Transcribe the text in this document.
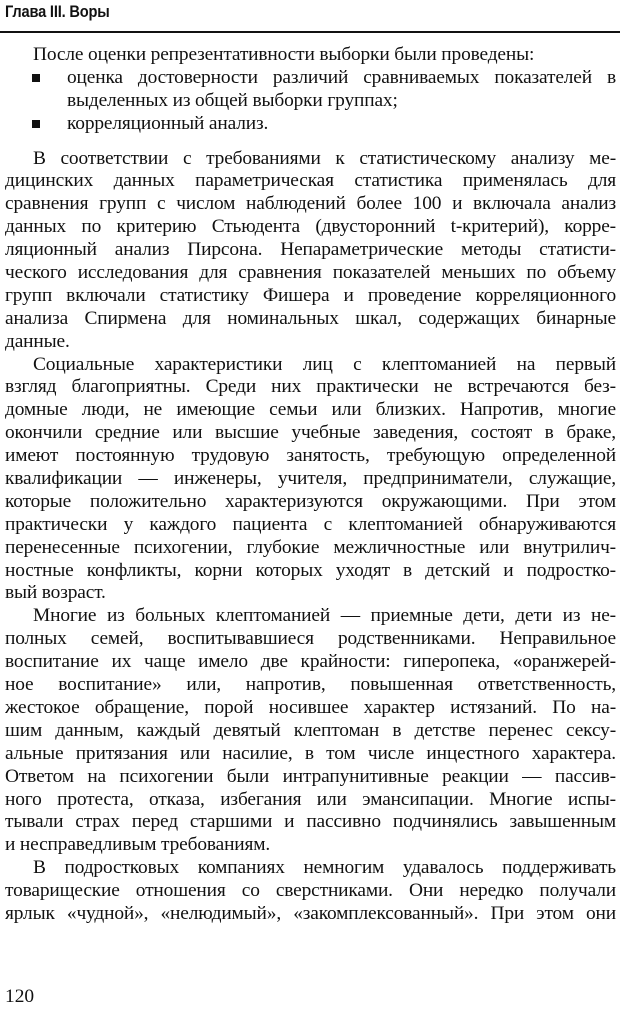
Глава III. Воры
После оценки репрезентативности выборки были проведены:
оценка достоверности различий сравниваемых показателей в
выделенных из общей выборки группах;
корреляционный анализ.
В соответствии с требованиями к статистическому анализу ме-
дицинских данных параметрическая статистика применялась для
сравнения групп с числом наблюдений более 100 и включала анализ
данных по критерию Стьюдента (двусторонний t-критерий), корре-
ляционный анализ Пирсона. Непараметрические методы статисти-
ческого исследования для сравнения показателей меньших по объему
групп включали статистику Фишера и проведение корреляционного
анализа Спирмена для номинальных шкал, содержащих бинарные
данные.
Социальные характеристики лиц с клептоманией на первый
взгляд благоприятны. Среди них практически не встречаются без-
домные люди, не имеющие семьи или близких. Напротив, многие
окончили средние или высшие учебные заведения, состоят в браке,
имеют постоянную трудовую занятость, требующую определенной
квалификации — инженеры, учителя, предприниматели, служащие,
которые положительно характеризуются окружающими. При этом
практически у каждого пациента с клептоманией обнаруживаются
перенесенные психогении, глубокие межличностные или внутрилич-
ностные конфликты, корни которых уходят в детский и подростко-
вый возраст.
Многие из больных клептоманией — приемные дети, дети из не-
полных семей, воспитывавшиеся родственниками. Неправильное
воспитание их чаще имело две крайности: гиперопека, «оранжерей-
ное воспитание» или, напротив, повышенная ответственность,
жестокое обращение, порой носившее характер истязаний. По на-
шим данным, каждый девятый клептоман в детстве перенес сексу-
альные притязания или насилие, в том числе инцестного характера.
Ответом на психогении были интрапунитивные реакции — пассив-
ного протеста, отказа, избегания или эмансипации. Многие испы-
тывали страх перед старшими и пассивно подчинялись завышенным
и несправедливым требованиям.
В подростковых компаниях немногим удавалось поддерживать
товарищеские отношения со сверстниками. Они нередко получали
ярлык «чудной», «нелюдимый», «закомплексованный». При этом они
120
